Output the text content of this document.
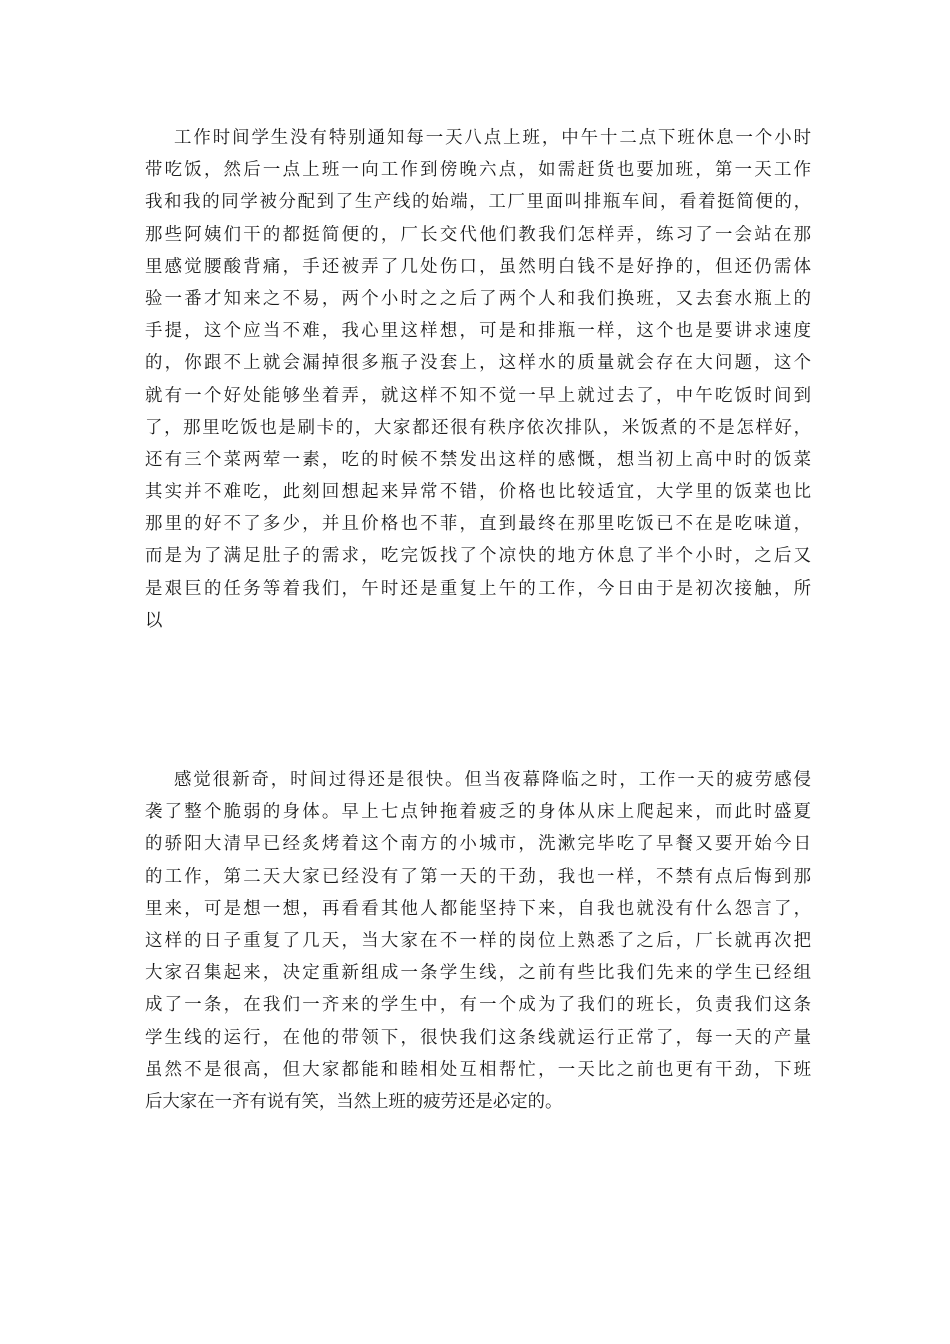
工作时间学生没有特别通知每一天八点上班，中午十二点下班休息一个小时
带吃饭，然后一点上班一向工作到傍晚六点，如需赶货也要加班，第一天工作
我和我的同学被分配到了生产线的始端，工厂里面叫排瓶车间，看着挺简便的，
那些阿姨们干的都挺简便的，厂长交代他们教我们怎样弄，练习了一会站在那
里感觉腰酸背痛，手还被弄了几处伤口，虽然明白钱不是好挣的，但还仍需体
验一番才知来之不易，两个小时之之后了两个人和我们换班，又去套水瓶上的
手提，这个应当不难，我心里这样想，可是和排瓶一样，这个也是要讲求速度
的，你跟不上就会漏掉很多瓶子没套上，这样水的质量就会存在大问题，这个
就有一个好处能够坐着弄，就这样不知不觉一早上就过去了，中午吃饭时间到
了，那里吃饭也是刷卡的，大家都还很有秩序依次排队，米饭煮的不是怎样好，
还有三个菜两荤一素，吃的时候不禁发出这样的感慨，想当初上高中时的饭菜
其实并不难吃，此刻回想起来异常不错，价格也比较适宜，大学里的饭菜也比
那里的好不了多少，并且价格也不菲，直到最终在那里吃饭已不在是吃味道，
而是为了满足肚子的需求，吃完饭找了个凉快的地方休息了半个小时，之后又
是艰巨的任务等着我们，午时还是重复上午的工作，今日由于是初次接触，所
以
感觉很新奇，时间过得还是很快。但当夜幕降临之时，工作一天的疲劳感侵
袭了整个脆弱的身体。早上七点钟拖着疲乏的身体从床上爬起来，而此时盛夏
的骄阳大清早已经炙烤着这个南方的小城市，洗漱完毕吃了早餐又要开始今日
的工作，第二天大家已经没有了第一天的干劲，我也一样，不禁有点后悔到那
里来，可是想一想，再看看其他人都能坚持下来，自我也就没有什么怨言了，
这样的日子重复了几天，当大家在不一样的岗位上熟悉了之后，厂长就再次把
大家召集起来，决定重新组成一条学生线，之前有些比我们先来的学生已经组
成了一条，在我们一齐来的学生中，有一个成为了我们的班长，负责我们这条
学生线的运行，在他的带领下，很快我们这条线就运行正常了，每一天的产量
虽然不是很高，但大家都能和睦相处互相帮忙，一天比之前也更有干劲，下班
后大家在一齐有说有笑，当然上班的疲劳还是必定的。
